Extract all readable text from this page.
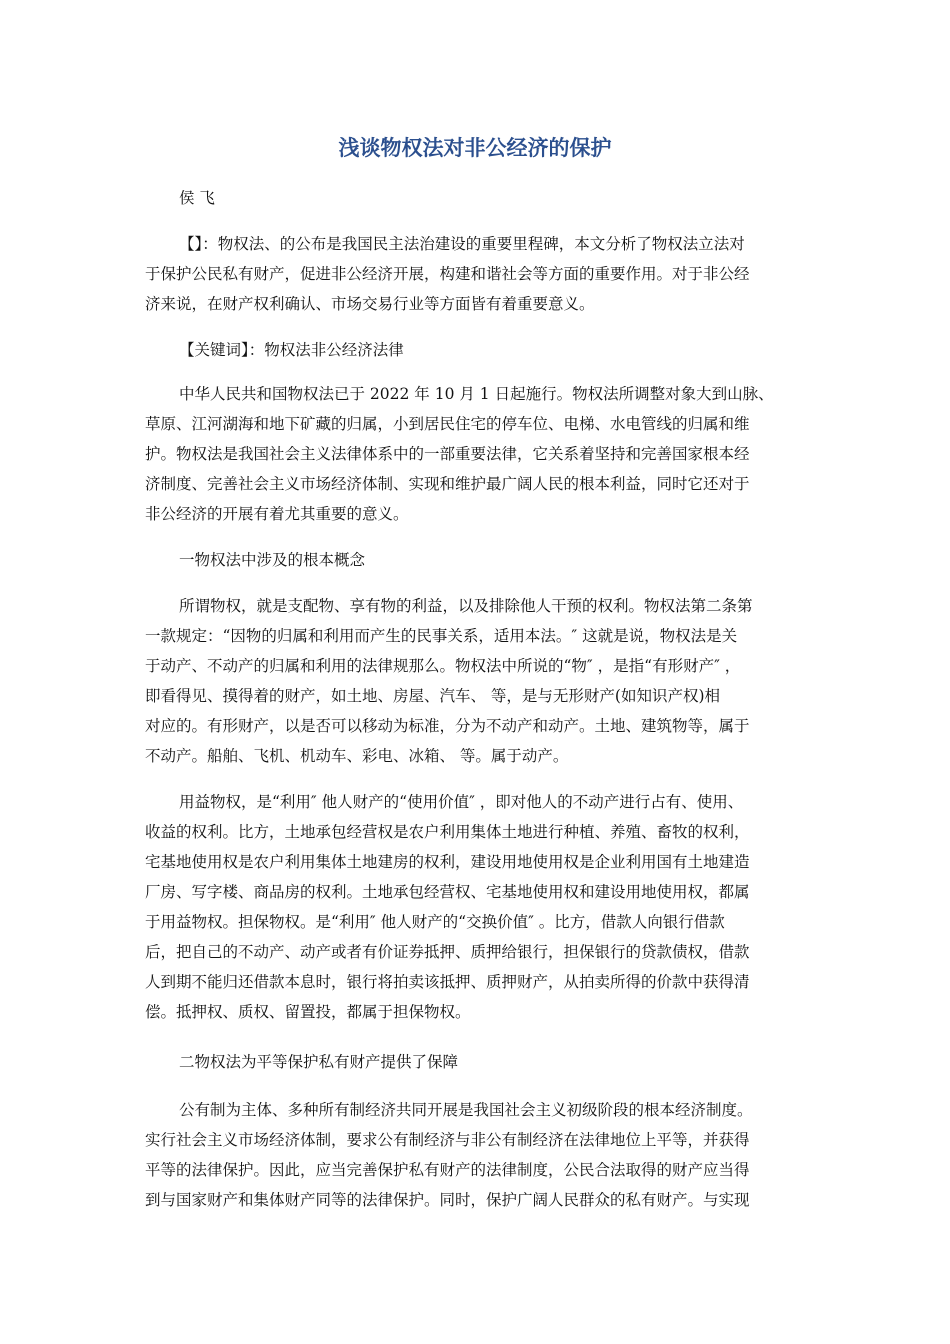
浅谈物权法对非公经济的保护

侯 飞

【】：物权法、的公布是我国民主法治建设的重要里程碑，本文分析了物权法立法对

于保护公民私有财产，促进非公经济开展，构建和谐社会等方面的重要作用。对于非公经

济来说，在财产权利确认、市场交易行业等方面皆有着重要意义。

【关键词】：物权法非公经济法律

中华人民共和国物权法已于 2022 年 10 月 1 日起施行。物权法所调整对象大到山脉、

草原、江河湖海和地下矿藏的归属，小到居民住宅的停车位、电梯、水电管线的归属和维

护。物权法是我国社会主义法律体系中的一部重要法律，它关系着坚持和完善国家根本经

济制度、完善社会主义市场经济体制、实现和维护最广阔人民的根本利益，同时它还对于

非公经济的开展有着尤其重要的意义。

一物权法中涉及的根本概念

所谓物权，就是支配物、享有物的利益，以及排除他人干预的权利。物权法第二条第

一款规定：“因物的归属和利用而产生的民事关系，适用本法。″ 这就是说，物权法是关

于动产、不动产的归属和利用的法律规那么。物权法中所说的“物″ ，是指“有形财产″ ，

即看得见、摸得着的财产，如土地、房屋、汽车、 等，是与无形财产(如知识产权)相

对应的。有形财产，以是否可以移动为标准，分为不动产和动产。土地、建筑物等，属于

不动产。船舶、飞机、机动车、彩电、冰箱、 等。属于动产。

用益物权，是“利用″ 他人财产的“使用价值″ ，即对他人的不动产进行占有、使用、

收益的权利。比方，土地承包经营权是农户利用集体土地进行种植、养殖、畜牧的权利，

宅基地使用权是农户利用集体土地建房的权利，建设用地使用权是企业利用国有土地建造

厂房、写字楼、商品房的权利。土地承包经营权、宅基地使用权和建设用地使用权，都属

于用益物权。担保物权。是“利用″ 他人财产的“交换价值″ 。比方，借款人向银行借款

后，把自己的不动产、动产或者有价证券抵押、质押给银行，担保银行的贷款债权，借款

人到期不能归还借款本息时，银行将拍卖该抵押、质押财产，从拍卖所得的价款中获得清

偿。抵押权、质权、留置投，都属于担保物权。

二物权法为平等保护私有财产提供了保障

公有制为主体、多种所有制经济共同开展是我国社会主义初级阶段的根本经济制度。

实行社会主义市场经济体制，要求公有制经济与非公有制经济在法律地位上平等，并获得

平等的法律保护。因此，应当完善保护私有财产的法律制度，公民合法取得的财产应当得

到与国家财产和集体财产同等的法律保护。同时，保护广阔人民群众的私有财产。与实现
